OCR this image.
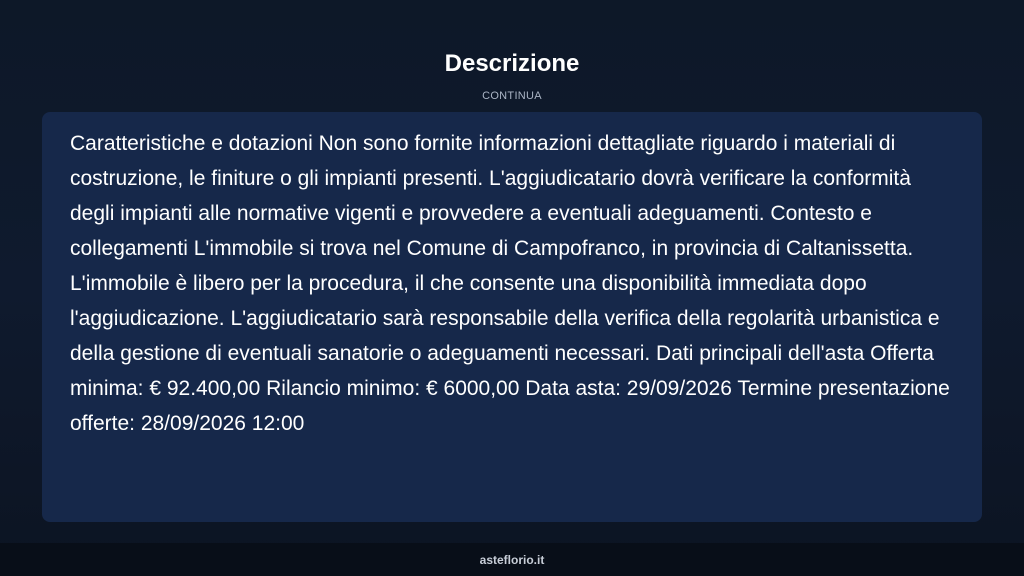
Descrizione
CONTINUA

Caratteristiche e dotazioni Non sono fornite informazioni dettagliate riguardo i materiali di costruzione, le finiture o gli impianti presenti. L'aggiudicatario dovrà verificare la conformità degli impianti alle normative vigenti e provvedere a eventuali adeguamenti. Contesto e collegamenti L'immobile si trova nel Comune di Campofranco, in provincia di Caltanissetta. L'immobile è libero per la procedura, il che consente una disponibilità immediata dopo l'aggiudicazione. L'aggiudicatario sarà responsabile della verifica della regolarità urbanistica e della gestione di eventuali sanatorie o adeguamenti necessari. Dati principali dell'asta Offerta minima: € 92.400,00 Rilancio minimo: € 6000,00 Data asta: 29/09/2026 Termine presentazione offerte: 28/09/2026 12:00

asteflorio.it
